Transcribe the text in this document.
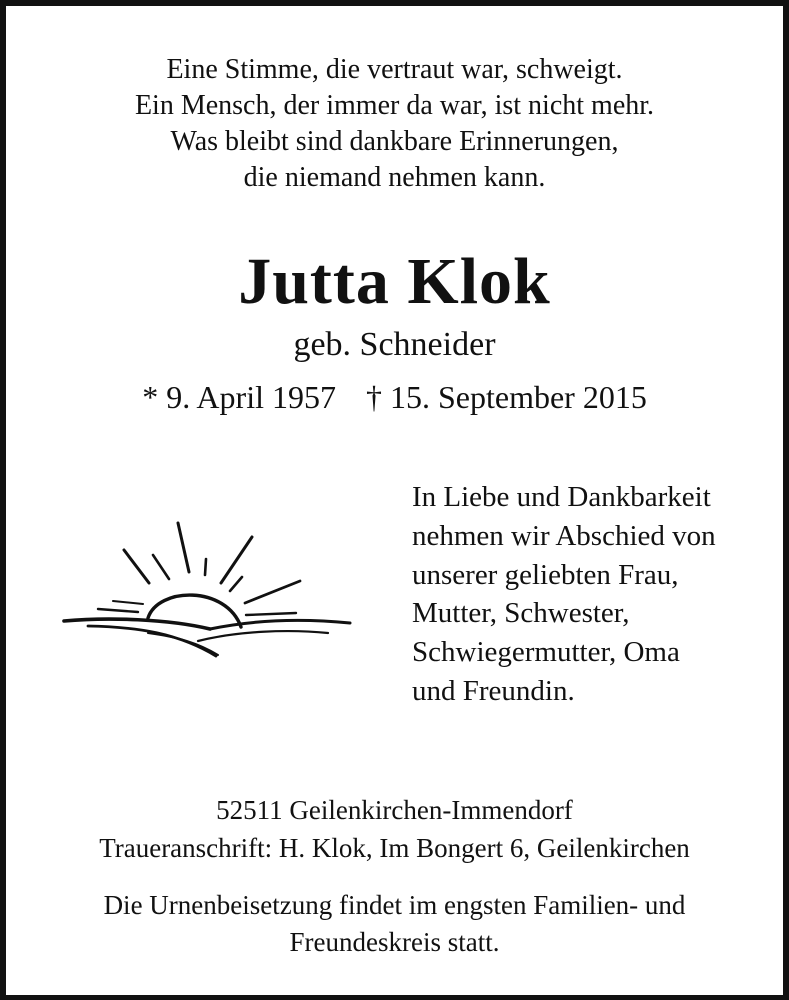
Eine Stimme, die vertraut war, schweigt.
Ein Mensch, der immer da war, ist nicht mehr.
Was bleibt sind dankbare Erinnerungen,
die niemand nehmen kann.
Jutta Klok
geb. Schneider
* 9. April 1957 † 15. September 2015
In Liebe und Dankbarkeit
nehmen wir Abschied von
unserer geliebten Frau,
Mutter, Schwester,
Schwiegermutter, Oma
und Freundin.
52511 Geilenkirchen-Immendorf
Traueranschrift: H. Klok, Im Bongert 6, Geilenkirchen
Die Urnenbeisetzung findet im engsten Familien- und
Freundeskreis statt.
